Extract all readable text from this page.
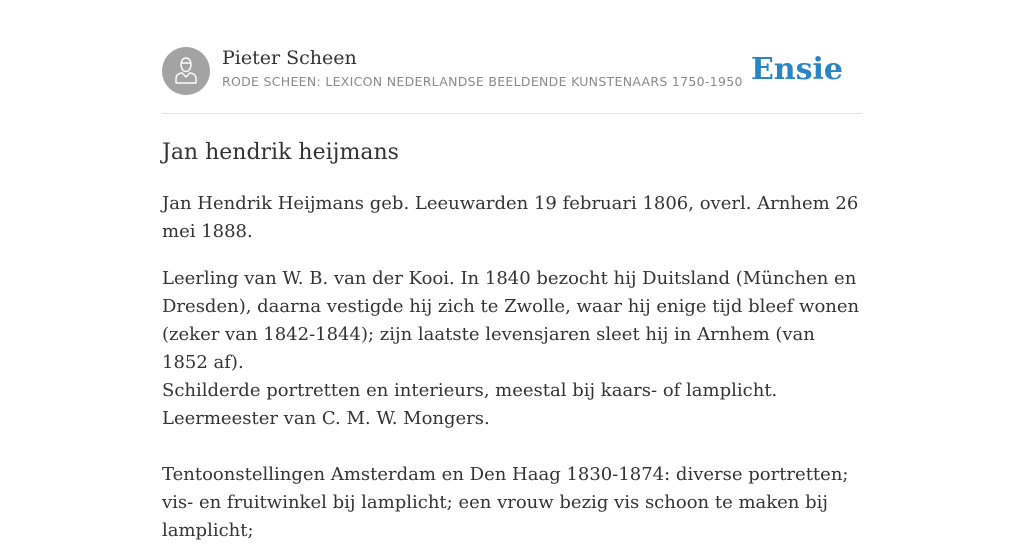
Pieter Scheen
RODE SCHEEN: LEXICON NEDERLANDSE BEELDENDE KUNSTENAARS 1750-1950 Ensie
Jan hendrik heijmans

Jan Hendrik Heijmans geb. Leeuwarden 19 februari 1806, overl. Arnhem 26 mei 1888.

Leerling van W. B. van der Kooi. In 1840 bezocht hij Duitsland (München en Dresden), daarna vestigde hij zich te Zwolle, waar hij enige tijd bleef wonen (zeker van 1842-1844); zijn laatste levensjaren sleet hij in Arnhem (van 1852 af).

Schilderde portretten en interieurs, meestal bij kaars- of lamplicht. Leermeester van C. M. W. Mongers.

Tentoonstellingen Amsterdam en Den Haag 1830-1874: diverse portretten; vis- en fruitwinkel bij lamplicht; een vrouw bezig vis schoon te maken bij lamplicht;
